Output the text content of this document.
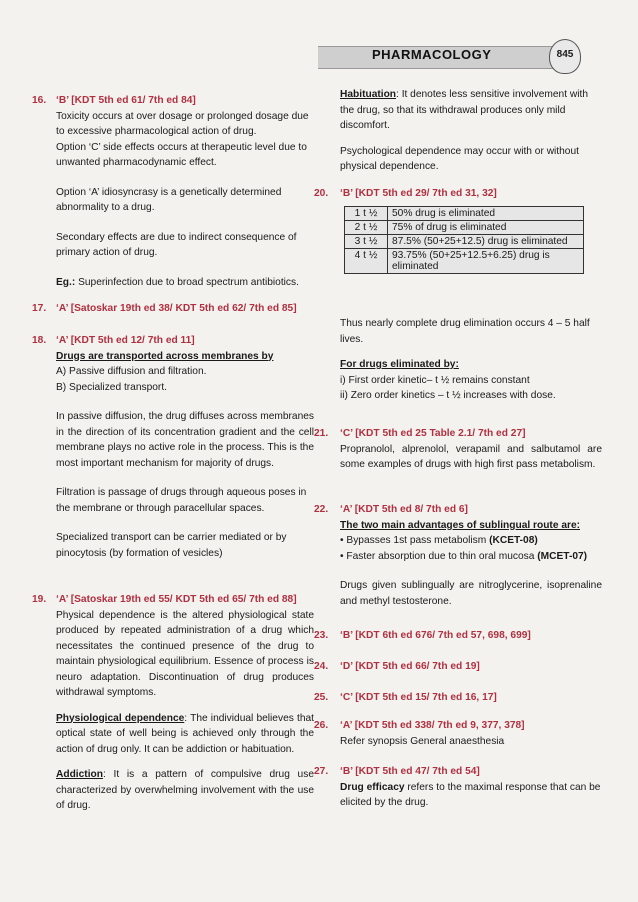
PHARMACOLOGY	845
16. ‘B’ [KDT 5th ed 61/ 7th ed 84]

Toxicity occurs at over dosage or prolonged dosage due to excessive pharmacological action of drug.

Option ‘C’ side effects occurs at therapeutic level due to unwanted pharmacodynamic effect.

Option ‘A’ idiosyncrasy is a genetically determined abnormality to a drug.

Secondary effects are due to indirect consequence of primary action of drug.

Eg.: Superinfection due to broad spectrum antibiotics.

17. ‘A’ [Satoskar 19th ed 38/ KDT 5th ed 62/ 7th ed 85]

18. ‘A’ [KDT 5th ed 12/ 7th ed 11]

Drugs are transported across membranes by

A) Passive diffusion and filtration.

B) Specialized transport.

In passive diffusion, the drug diffuses across membranes in the direction of its concentration gradient and the cell membrane plays no active role in the process. This is the most important mechanism for majority of drugs.

Filtration is passage of drugs through aqueous poses in the membrane or through paracellular spaces.

Specialized transport can be carrier mediated or by pinocytosis (by formation of vesicles)

19. ‘A’ [Satoskar 19th ed 55/ KDT 5th ed 65/ 7th ed 88]

Physical dependence is the altered physiological state produced by repeated administration of a drug which necessitates the continued presence of the drug to maintain physiological equilibrium. Essence of process is neuro adaptation. Discontinuation of drug produces withdrawal symptoms.

Physiological dependence: The individual believes that optical state of well being is achieved only through the action of drug only. It can be addiction or habituation.

Addiction: It is a pattern of compulsive drug use characterized by overwhelming involvement with the use of drug.

Habituation: It denotes less sensitive involvement with the drug, so that its withdrawal produces only mild discomfort.

Psychological dependence may occur with or without physical dependence.

20. ‘B’ [KDT 5th ed 29/ 7th ed 31, 32]

1 t ½	50% drug is eliminated
2 t ½	75% of drug is eliminated
3 t ½	87.5% (50+25+12.5) drug is eliminated
4 t ½	93.75% (50+25+12.5+6.25) drug is eliminated

Thus nearly complete drug elimination occurs 4 – 5 half lives.

For drugs eliminated by:

i) First order kinetic– t ½ remains constant

ii) Zero order kinetics – t ½ increases with dose.

21. ‘C’ [KDT 5th ed 25 Table 2.1/ 7th ed 27]

Propranolol, alprenolol, verapamil and salbutamol are some examples of drugs with high first pass metabolism.

22. ‘A’ [KDT 5th ed 8/ 7th ed 6]

The two main advantages of sublingual route are:

• Bypasses 1st pass metabolism (KCET-08)

• Faster absorption due to thin oral mucosa (MCET-07)

Drugs given sublingually are nitroglycerine, isoprenaline and methyl testosterone.

23. ‘B’ [KDT 6th ed 676/ 7th ed 57, 698, 699]

24. ‘D’ [KDT 5th ed 66/ 7th ed 19]

25. ‘C’ [KDT 5th ed 15/ 7th ed 16, 17]

26. ‘A’ [KDT 5th ed 338/ 7th ed 9, 377, 378]

Refer synopsis General anaesthesia

27. ‘B’ [KDT 5th ed 47/ 7th ed 54]

Drug efficacy refers to the maximal response that can be elicited by the drug.
